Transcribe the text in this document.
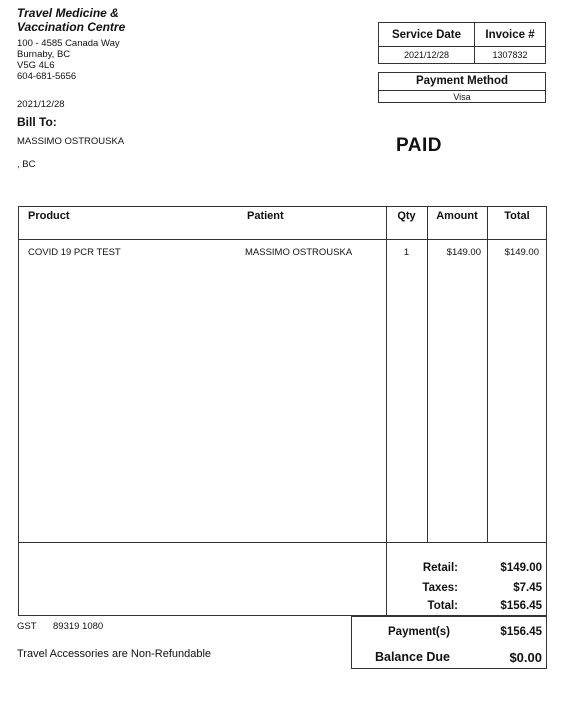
Travel Medicine &
Vaccination Centre
100 - 4585 Canada Way
Burnaby, BC
V5G 4L6
604-681-5656
2021/12/28
Bill To:
MASSIMO OSTROUSKA
, BC
PAID
Service Date	Invoice #
2021/12/28	1307832
Payment Method
Visa
Product	Patient	Qty	Amount	Total
COVID 19 PCR TEST	MASSIMO OSTROUSKA	1	$149.00	$149.00
Retail:	$149.00
Taxes:	$7.45
Total:	$156.45
Payment(s)	$156.45
Balance Due	$0.00
GST 89319 1080
Travel Accessories are Non-Refundable
